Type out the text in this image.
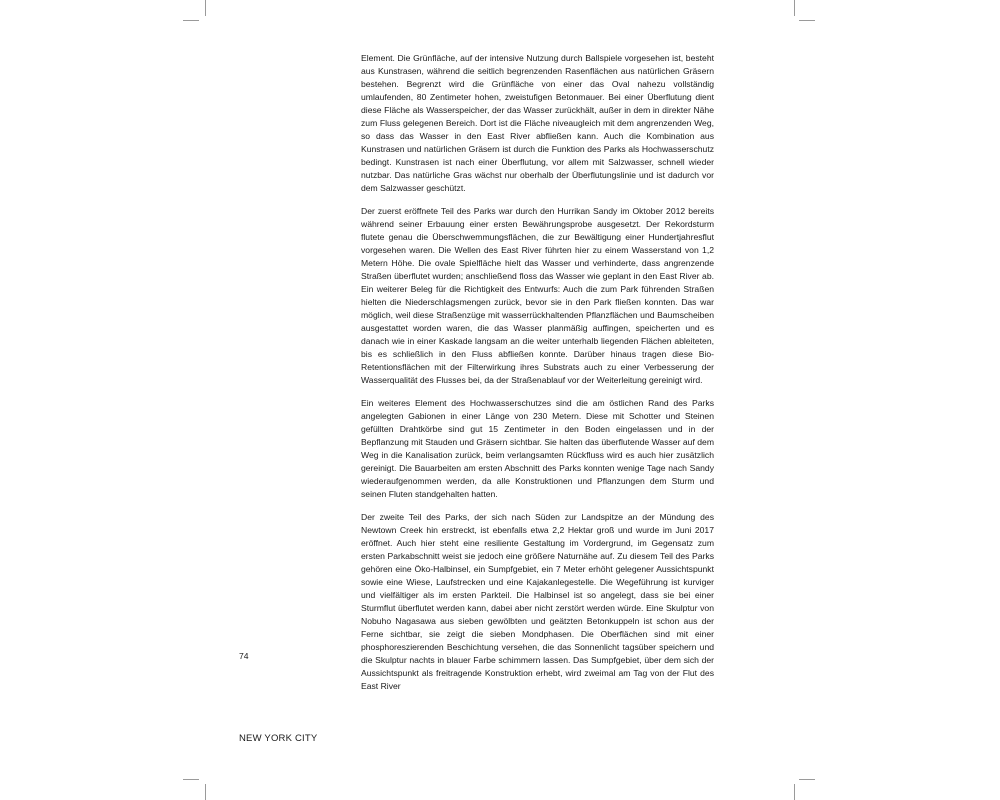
Element. Die Grünfläche, auf der intensive Nutzung durch Ballspiele vorgesehen ist, besteht aus Kunstrasen, während die seitlich begrenzenden Rasenflächen aus natürlichen Gräsern bestehen. Begrenzt wird die Grünfläche von einer das Oval nahezu vollständig umlaufenden, 80 Zentimeter hohen, zweistufigen Betonmauer. Bei einer Überflutung dient diese Fläche als Wasserspeicher, der das Wasser zurückhält, außer in dem in direkter Nähe zum Fluss gelegenen Bereich. Dort ist die Fläche niveaugleich mit dem angrenzenden Weg, so dass das Wasser in den East River abfließen kann. Auch die Kombination aus Kunstrasen und natürlichen Gräsern ist durch die Funktion des Parks als Hochwasserschutz bedingt. Kunstrasen ist nach einer Überflutung, vor allem mit Salzwasser, schnell wieder nutzbar. Das natürliche Gras wächst nur oberhalb der Überflutungslinie und ist dadurch vor dem Salzwasser geschützt.

Der zuerst eröffnete Teil des Parks war durch den Hurrikan Sandy im Oktober 2012 bereits während seiner Erbauung einer ersten Bewährungsprobe ausgesetzt. Der Rekordsturm flutete genau die Überschwemmungsflächen, die zur Bewältigung einer Hundertjahresflut vorgesehen waren. Die Wellen des East River führten hier zu einem Wasserstand von 1,2 Metern Höhe. Die ovale Spielfläche hielt das Wasser und verhinderte, dass angrenzende Straßen überflutet wurden; anschließend floss das Wasser wie geplant in den East River ab. Ein weiterer Beleg für die Richtigkeit des Entwurfs: Auch die zum Park führenden Straßen hielten die Niederschlagsmengen zurück, bevor sie in den Park fließen konnten. Das war möglich, weil diese Straßenzüge mit wasserrückhaltenden Pflanzflächen und Baumscheiben ausgestattet worden waren, die das Wasser planmäßig auffingen, speicherten und es danach wie in einer Kaskade langsam an die weiter unterhalb liegenden Flächen ableiteten, bis es schließlich in den Fluss abfließen konnte. Darüber hinaus tragen diese Bio-Retentionsflächen mit der Filterwirkung ihres Substrats auch zu einer Verbesserung der Wasserqualität des Flusses bei, da der Straßenablauf vor der Weiterleitung gereinigt wird.

Ein weiteres Element des Hochwasserschutzes sind die am östlichen Rand des Parks angelegten Gabionen in einer Länge von 230 Metern. Diese mit Schotter und Steinen gefüllten Drahtkörbe sind gut 15 Zentimeter in den Boden eingelassen und in der Bepflanzung mit Stauden und Gräsern sichtbar. Sie halten das überflutende Wasser auf dem Weg in die Kanalisation zurück, beim verlangsamten Rückfluss wird es auch hier zusätzlich gereinigt. Die Bauarbeiten am ersten Abschnitt des Parks konnten wenige Tage nach Sandy wiederaufgenommen werden, da alle Konstruktionen und Pflanzungen dem Sturm und seinen Fluten standgehalten hatten.

Der zweite Teil des Parks, der sich nach Süden zur Landspitze an der Mündung des Newtown Creek hin erstreckt, ist ebenfalls etwa 2,2 Hektar groß und wurde im Juni 2017 eröffnet. Auch hier steht eine resiliente Gestaltung im Vordergrund, im Gegensatz zum ersten Parkabschnitt weist sie jedoch eine größere Naturnähe auf. Zu diesem Teil des Parks gehören eine Öko-Halbinsel, ein Sumpfgebiet, ein 7 Meter erhöht gelegener Aussichtspunkt sowie eine Wiese, Laufstrecken und eine Kajakanlegestelle. Die Wegeführung ist kurviger und vielfältiger als im ersten Parkteil. Die Halbinsel ist so angelegt, dass sie bei einer Sturmflut überflutet werden kann, dabei aber nicht zerstört werden würde. Eine Skulptur von Nobuho Nagasawa aus sieben gewölbten und geätzten Betonkuppeln ist schon aus der Ferne sichtbar, sie zeigt die sieben Mondphasen. Die Oberflächen sind mit einer phosphoreszierenden Beschichtung versehen, die das Sonnenlicht tagsüber speichern und die Skulptur nachts in blauer Farbe schimmern lassen. Das Sumpfgebiet, über dem sich der Aussichtspunkt als freitragende Konstruktion erhebt, wird zweimal am Tag von der Flut des East River

74
NEW YORK CITY
